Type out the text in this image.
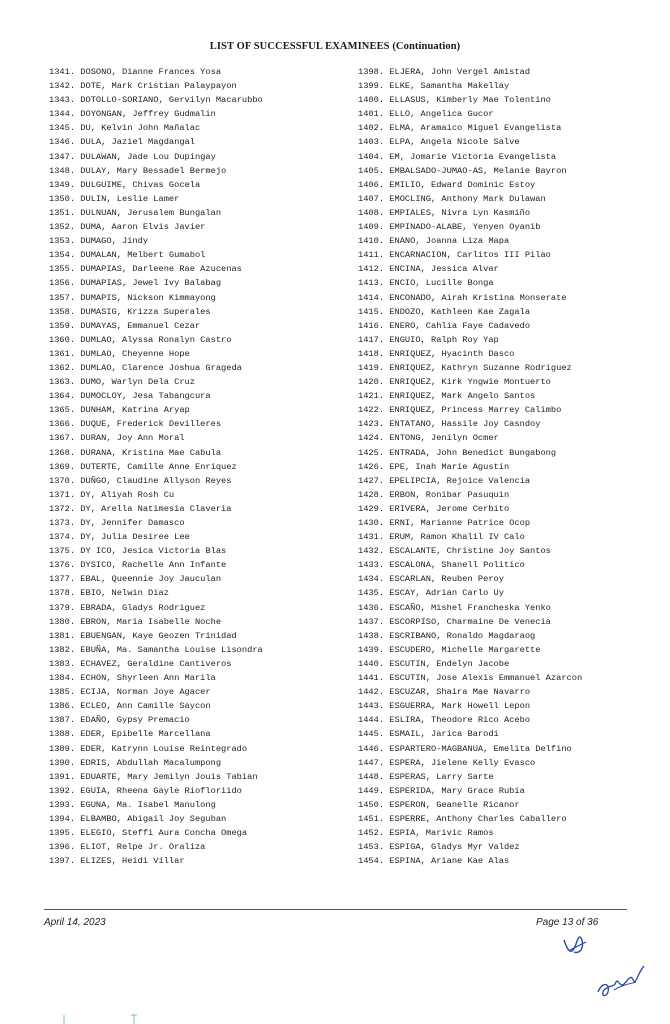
LIST OF SUCCESSFUL EXAMINEES (Continuation)
1341. DOSONO, Dianne Frances Yosa
1342. DOTE, Mark Cristian Palaypayon
1343. DOTOLLO-SORIANO, Gervilyn Macarubbo
1344. DOYONGAN, Jeffrey Gudmalin
1345. DU, Kelvin John Mañalac
1346. DULA, Jaziel Magdangal
1347. DULAWAN, Jade Lou Dupingay
1348. DULAY, Mary Bessadel Bermejo
1349. DULGUIME, Chivas Gocela
1350. DULIN, Leslie Lamer
1351. DULNUAN, Jerusalem Bungalan
1352. DUMA, Aaron Elvis Javier
1353. DUMAGO, Jindy
1354. DUMALAN, Melbert Gumabol
1355. DUMAPIAS, Darleene Rae Azucenas
1356. DUMAPIAS, Jewel Ivy Balabag
1357. DUMAPIS, Nickson Kimmayong
1358. DUMASIG, Krizza Superales
1359. DUMAYAS, Emmanuel Cezar
1360. DUMLAO, Alyssa Ronalyn Castro
1361. DUMLAO, Cheyenne Hope
1362. DUMLAO, Clarence Joshua Grageda
1363. DUMO, Warlyn Dela Cruz
1364. DUMOCLOY, Jesa Tabangcura
1365. DUNHAM, Katrina Aryap
1366. DUQUE, Frederick Devilleres
1367. DURAN, Joy Ann Moral
1368. DURANA, Kristina Mae Cabula
1369. DUTERTE, Camille Anne Enriquez
1370. DUÑGO, Claudine Allyson Reyes
1371. DY, Aliyah Rosh Cu
1372. DY, Arella Natimesia Claveria
1373. DY, Jennifer Damasco
1374. DY, Julia Desiree Lee
1375. DY ICO, Jesica Victoria Blas
1376. DYSICO, Rachelle Ann Infante
1377. EBAL, Queennie Joy Jauculan
1378. EBIO, Nelwin Diaz
1379. EBRADA, Gladys Rodriguez
1380. EBRON, Maria Isabelle Noche
1381. EBUENGAN, Kaye Geozen Trinidad
1382. EBUÑA, Ma. Samantha Louise Lisondra
1383. ECHAVEZ, Geraldine Cantiveros
1384. ECHON, Shyrleen Ann Marila
1385. ECIJA, Norman Joye Agacer
1386. ECLEO, Ann Camille Saycon
1387. EDAÑO, Gypsy Premacio
1388. EDER, Epibelle Marcellana
1389. EDER, Katrynn Louise Reintegrado
1390. EDRIS, Abdullah Macalumpong
1391. EDUARTE, Mary Jemilyn Jouis Tabian
1392. EGUIA, Rheena Gayle Riofloriido
1393. EGUNA, Ma. Isabel Manulong
1394. ELBAMBO, Abigail Joy Seguban
1395. ELEGIO, Steffi Aura Concha Omega
1396. ELIOT, Relpe Jr. Oraliza
1397. ELIZES, Heidi Villar
1398. ELJERA, John Vergel Amistad
1399. ELKE, Samantha Makellay
1400. ELLASUS, Kimberly Mae Tolentino
1401. ELLO, Angelica Gucor
1402. ELMA, Aramaico Miguel Evangelista
1403. ELPA, Angela Nicole Salve
1404. EM, Jomarie Victoria Evangelista
1405. EMBALSADO-JUMAO-AS, Melanie Bayron
1406. EMILIO, Edward Dominic Estoy
1407. EMOCLING, Anthony Mark Dulawan
1408. EMPIALES, Nivra Lyn Kasmiño
1409. EMPINADO-ALABE, Yenyen Oyanib
1410. ENANO, Joanna Liza Mapa
1411. ENCARNACION, Carlitos III Pilao
1412. ENCINA, Jessica Alvar
1413. ENCIO, Lucille Bonga
1414. ENCONADO, Airah Kristina Monserate
1415. ENDOZO, Kathleen Kae Zagala
1416. ENERO, Cahlia Faye Cadavedo
1417. ENGUIO, Ralph Roy Yap
1418. ENRIQUEZ, Hyacinth Dasco
1419. ENRIQUEZ, Kathryn Suzanne Rodriguez
1420. ENRIQUEZ, Kirk Yngwie Montuerto
1421. ENRIQUEZ, Mark Angelo Santos
1422. ENRIQUEZ, Princess Marrey Calimbo
1423. ENTATANO, Hassile Joy Casndoy
1424. ENTONG, Jenilyn Ocmer
1425. ENTRADA, John Benedict Bungabong
1426. EPE, Inah Marie Agustin
1427. EPELIPCIA, Rejoice Valencia
1428. ERBON, Ronibar Pasuquin
1429. ERIVERA, Jerome Cerbito
1430. ERNI, Marianne Patrice Ocop
1431. ERUM, Ramon Khalil IV Calo
1432. ESCALANTE, Christine Joy Santos
1433. ESCALONA, Shanell Politico
1434. ESCARLAN, Reuben Peroy
1435. ESCAY, Adrian Carlo Uy
1436. ESCAÑO, Mishel Francheska Yenko
1437. ESCORPISO, Charmaine De Venecia
1438. ESCRIBANO, Ronaldo Magdaraog
1439. ESCUDERO, Michelle Margarette
1440. ESCUTIN, Endelyn Jacobe
1441. ESCUTIN, Jose Alexis Emmanuel Azarcon
1442. ESCUZAR, Shaira Mae Navarro
1443. ESGUERRA, Mark Howell Lepon
1444. ESLIRA, Theodore Rico Acebo
1445. ESMAIL, Jarica Barodi
1446. ESPARTERO-MAGBANUA, Emelita Delfino
1447. ESPERA, Jielene Kelly Evasco
1448. ESPERAS, Larry Sarte
1449. ESPERIDA, Mary Grace Rubia
1450. ESPERON, Geanelle Ricanor
1451. ESPERRE, Anthony Charles Caballero
1452. ESPIA, Marivic Ramos
1453. ESPIGA, Gladys Myr Valdez
1454. ESPINA, Ariane Kae Alas
April 14, 2023	Page 13 of 36
